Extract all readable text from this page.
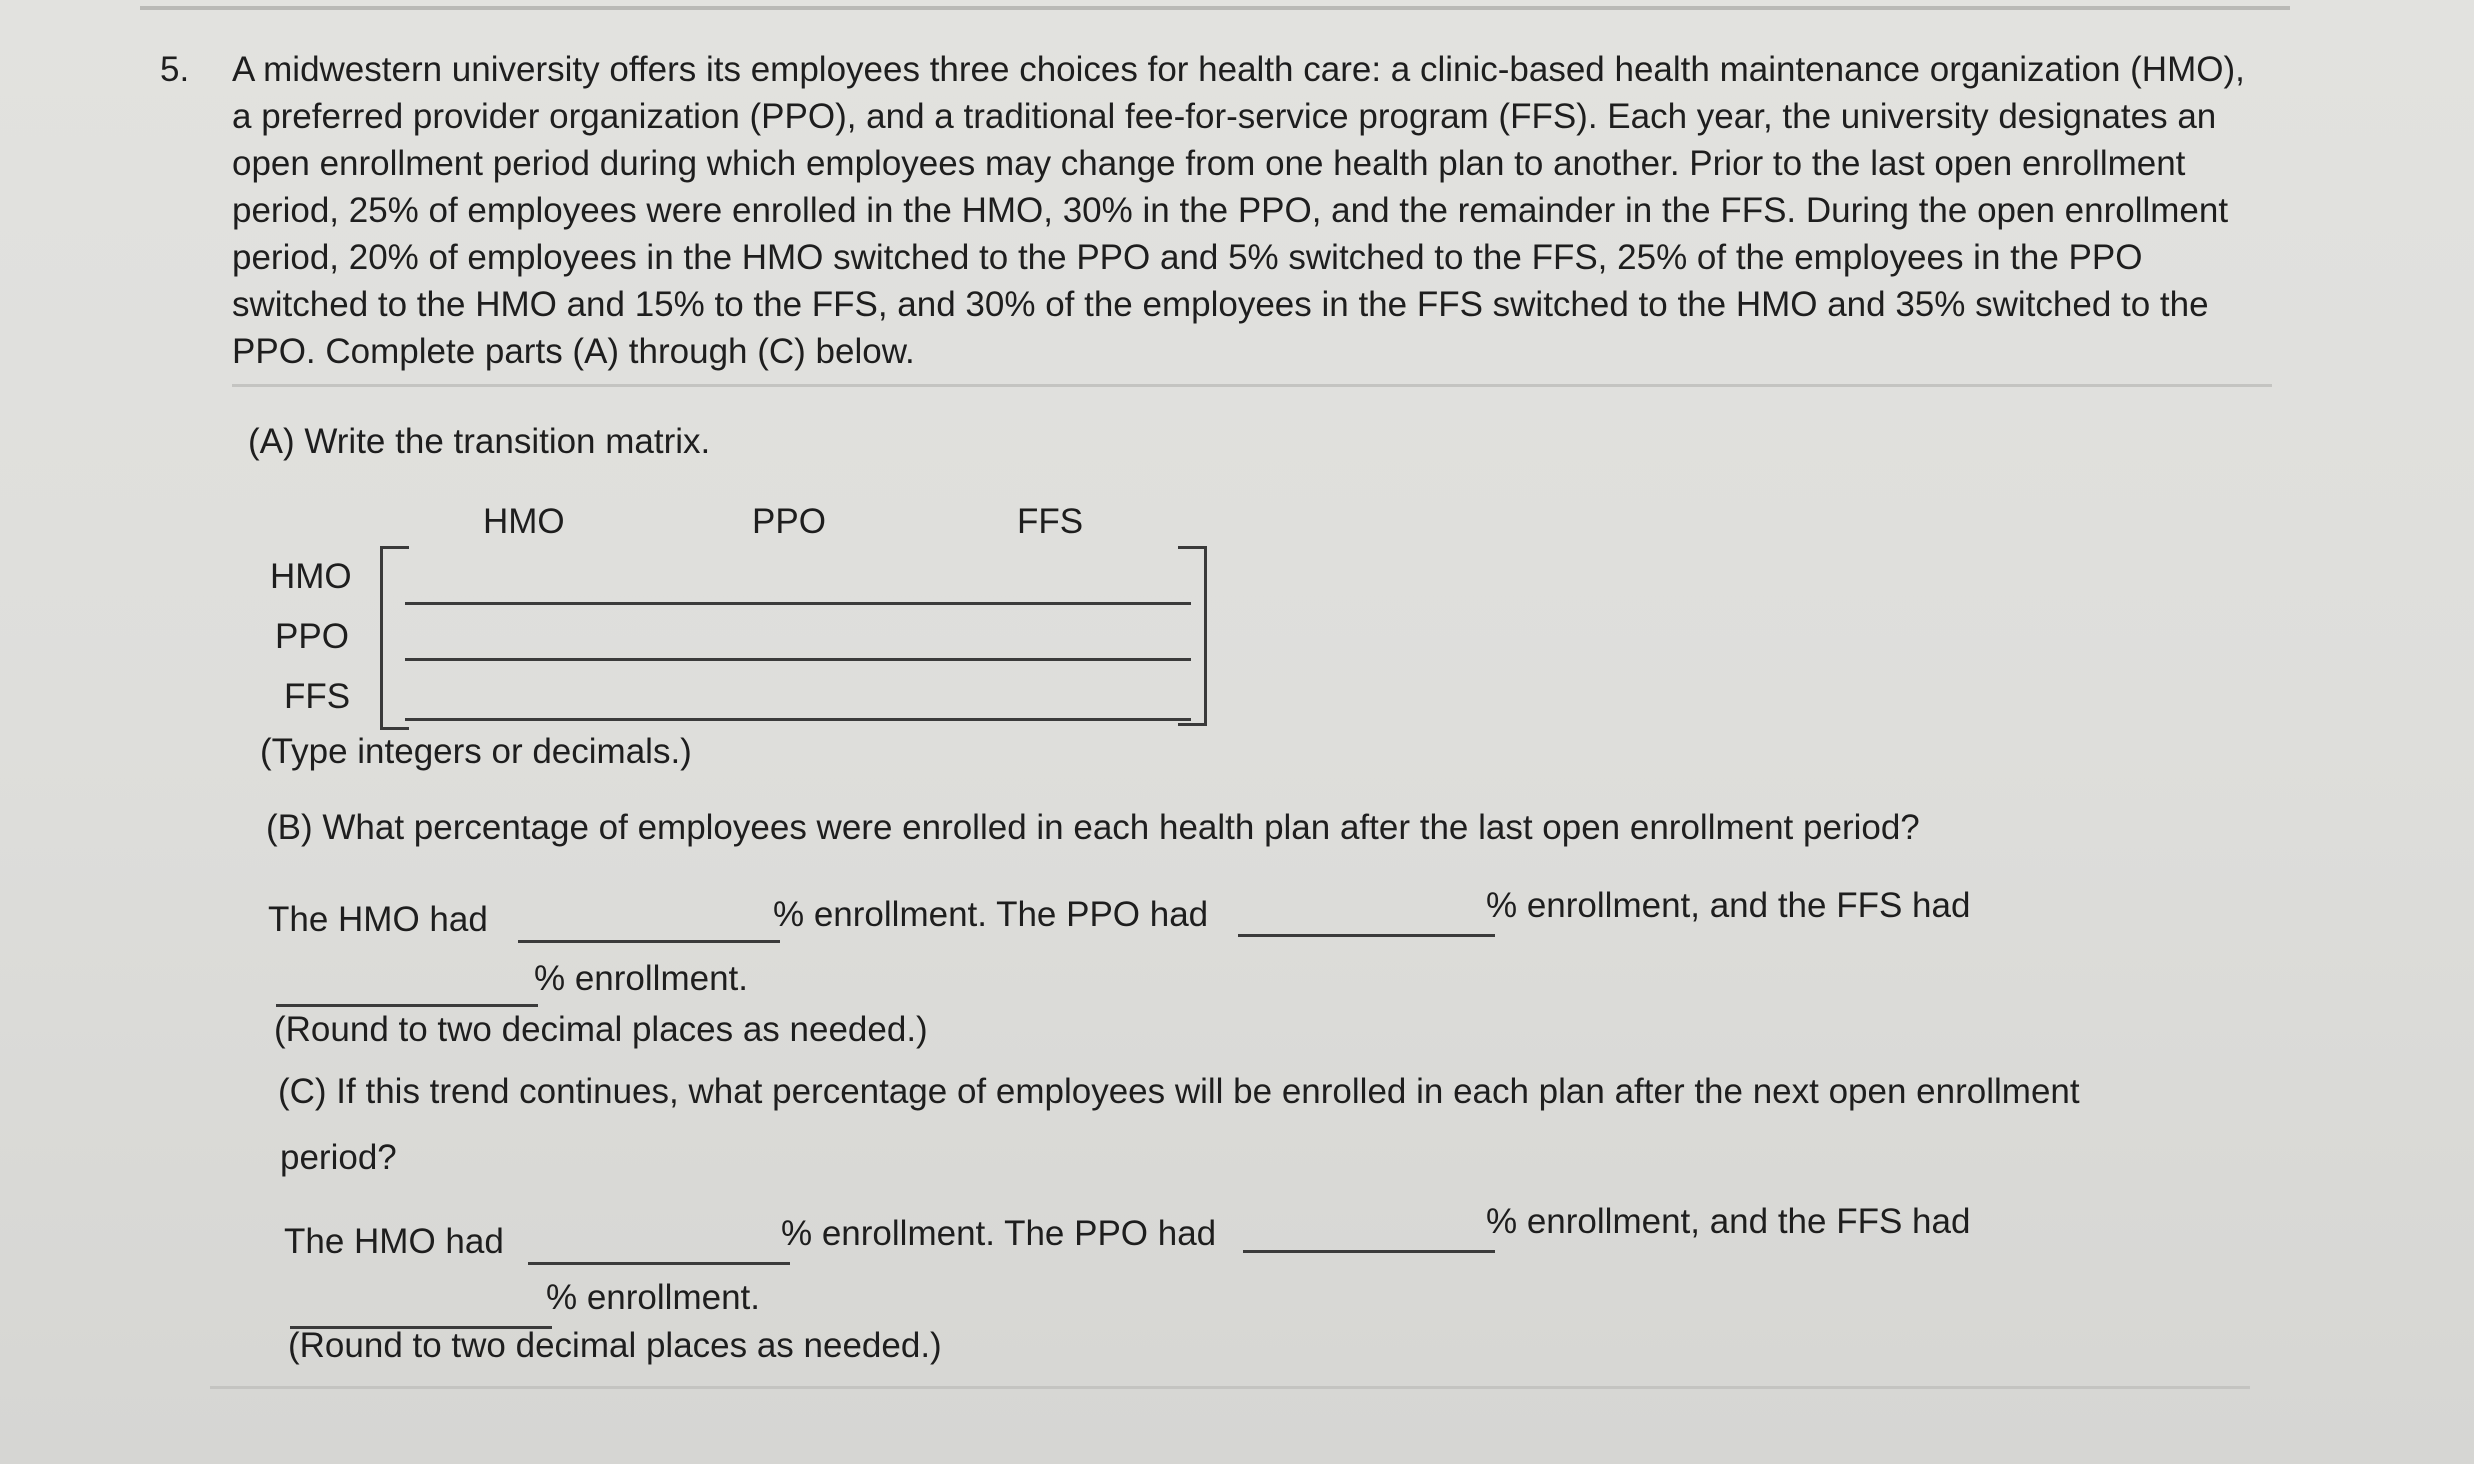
5. A midwestern university offers its employees three choices for health care: a clinic-based health maintenance organization (HMO), a preferred provider organization (PPO), and a traditional fee-for-service program (FFS). Each year, the university designates an open enrollment period during which employees may change from one health plan to another. Prior to the last open enrollment period, 25% of employees were enrolled in the HMO, 30% in the PPO, and the remainder in the FFS. During the open enrollment period, 20% of employees in the HMO switched to the PPO and 5% switched to the FFS, 25% of the employees in the PPO switched to the HMO and 15% to the FFS, and 30% of the employees in the FFS switched to the HMO and 35% switched to the PPO. Complete parts (A) through (C) below.

(A) Write the transition matrix.
HMO	PPO	FFS
HMO
PPO
FFS
(Type integers or decimals.)
(B) What percentage of employees were enrolled in each health plan after the last open enrollment period?
The HMO had	% enrollment. The PPO had	% enrollment, and the FFS had
% enrollment.
(Round to two decimal places as needed.)
(C) If this trend continues, what percentage of employees will be enrolled in each plan after the next open enrollment
period?
The HMO had	% enrollment. The PPO had	% enrollment, and the FFS had
% enrollment.
(Round to two decimal places as needed.)
